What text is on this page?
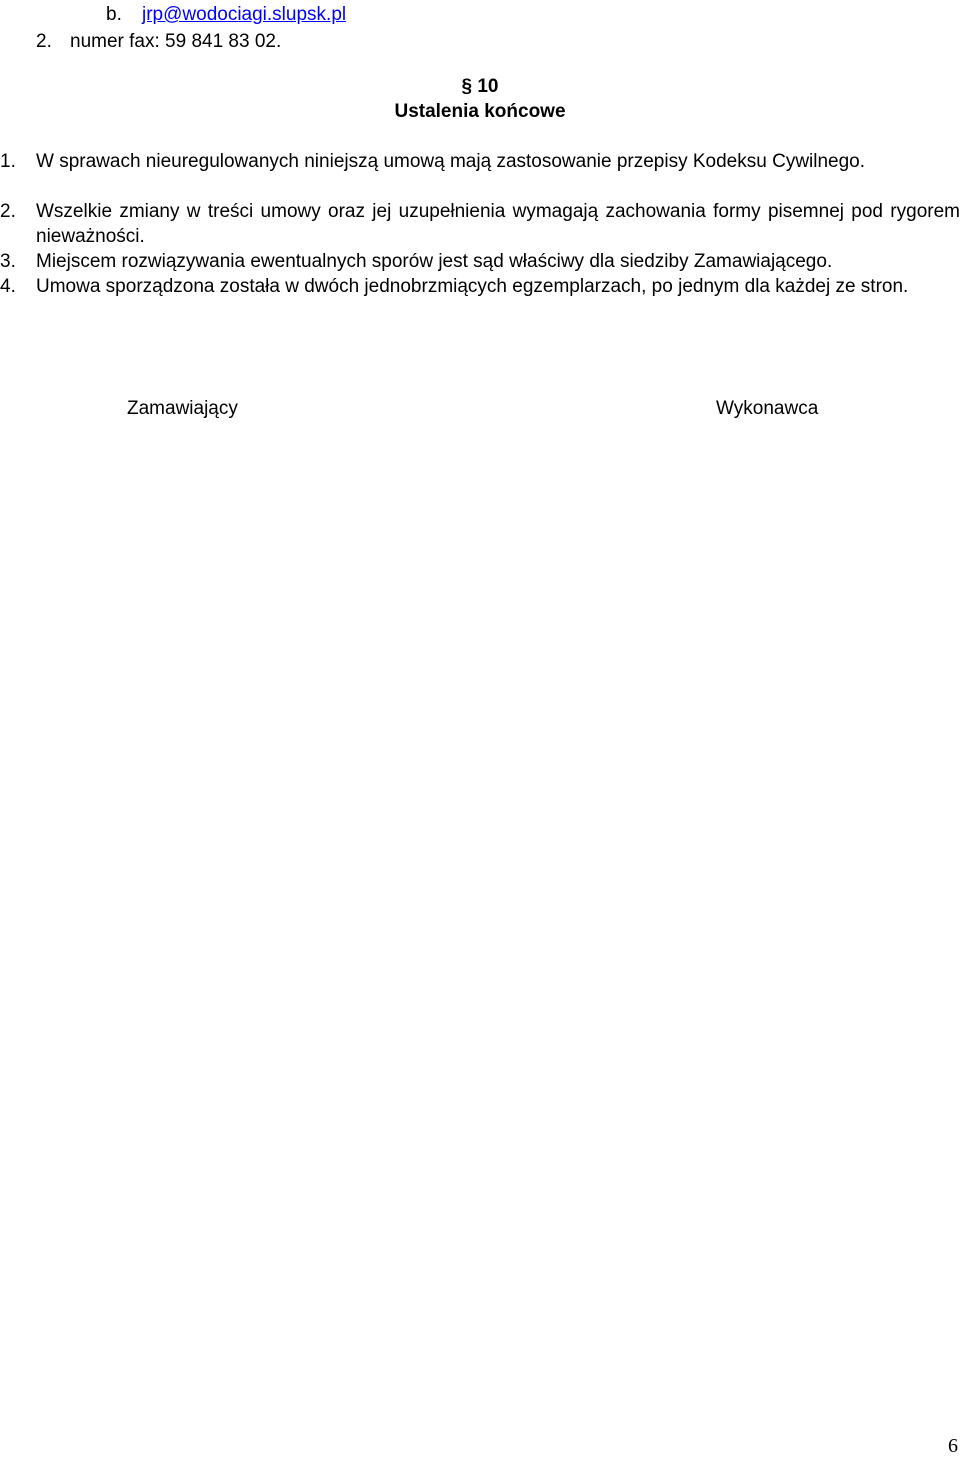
b. jrp@wodociagi.slupsk.pl
2. numer fax: 59 841 83 02.
§ 10
Ustalenia końcowe
1. W sprawach nieuregulowanych niniejszą umową mają zastosowanie przepisy Kodeksu Cywilnego.
2. Wszelkie zmiany w treści umowy oraz jej uzupełnienia wymagają zachowania formy pisemnej pod rygorem nieważności.
3. Miejscem rozwiązywania ewentualnych sporów jest sąd właściwy dla siedziby Zamawiającego.
4. Umowa sporządzona została w dwóch jednobrzmiących egzemplarzach, po jednym dla każdej ze stron.
Zamawiający	Wykonawca
6
